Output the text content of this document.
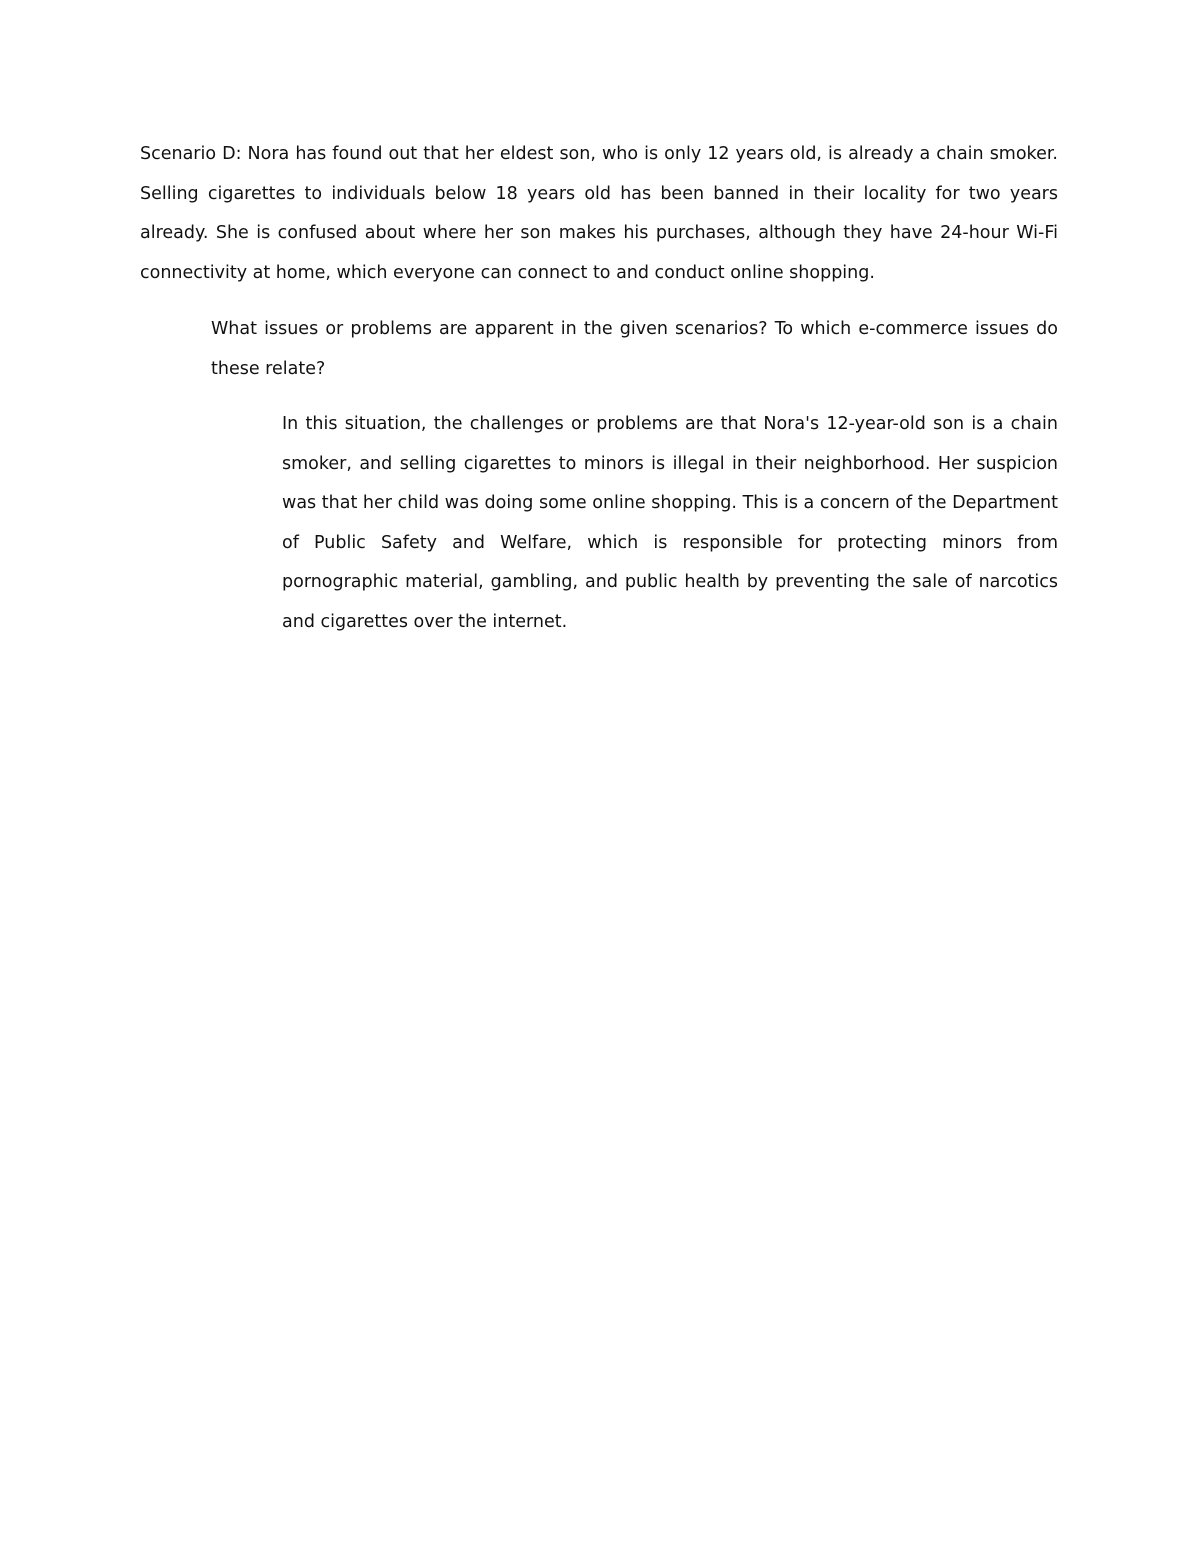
Scenario D: Nora has found out that her eldest son, who is only 12 years old, is already a chain smoker. Selling cigarettes to individuals below 18 years old has been banned in their locality for two years already. She is confused about where her son makes his purchases, although they have 24-hour Wi-Fi connectivity at home, which everyone can connect to and conduct online shopping.

What issues or problems are apparent in the given scenarios? To which e-commerce issues do these relate?

In this situation, the challenges or problems are that Nora's 12-year-old son is a chain smoker, and selling cigarettes to minors is illegal in their neighborhood. Her suspicion was that her child was doing some online shopping. This is a concern of the Department of Public Safety and Welfare, which is responsible for protecting minors from pornographic material, gambling, and public health by preventing the sale of narcotics and cigarettes over the internet.
